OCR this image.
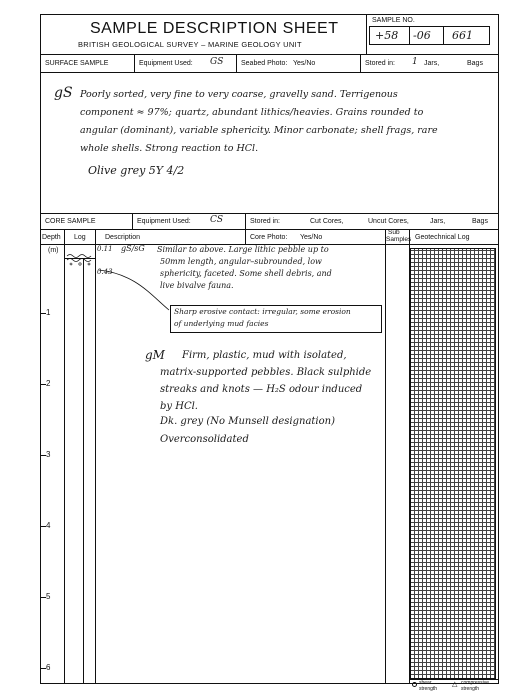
SAMPLE DESCRIPTION SHEET
BRITISH GEOLOGICAL SURVEY – MARINE GEOLOGY UNIT
SAMPLE NO.
+58 -06 661
SURFACE SAMPLE	Equipment Used: GS	Seabed Photo: Yes/No	Stored in: 1 Jars,	Bags
gS Poorly sorted, very fine to very coarse, gravelly sand. Terrigenous
component ≈ 97%; quartz, abundant lithics/heavies. Grains rounded to
angular (dominant), variable sphericity. Minor carbonate; shell frags, rare
whole shells. Strong reaction to HCl.
Olive grey 5Y 4/2
CORE SAMPLE	Equipment Used: CS	Stored in:	Cut Cores,	Uncut Cores,	Jars,	Bags
Depth Log	Description	Core Photo: Yes/No
Sub
Samples Geotechnical Log
(m)
1
2
3
4
5
6
0.11
0.43
gS/sG Similar to above. Large lithic pebble up to
50mm length, angular–subrounded, low
sphericity, faceted. Some shell debris, and
live bivalve fauna.
Sharp erosive contact: irregular, some erosion
of underlying mud facies
gM Firm, plastic, mud with isolated,
matrix-supported pebbles. Black sulphide
streaks and knots — H₂S odour induced
by HCl.
Dk. grey (No Munsell designation)
Overconsolidated
shear strength
△ compressive strength
